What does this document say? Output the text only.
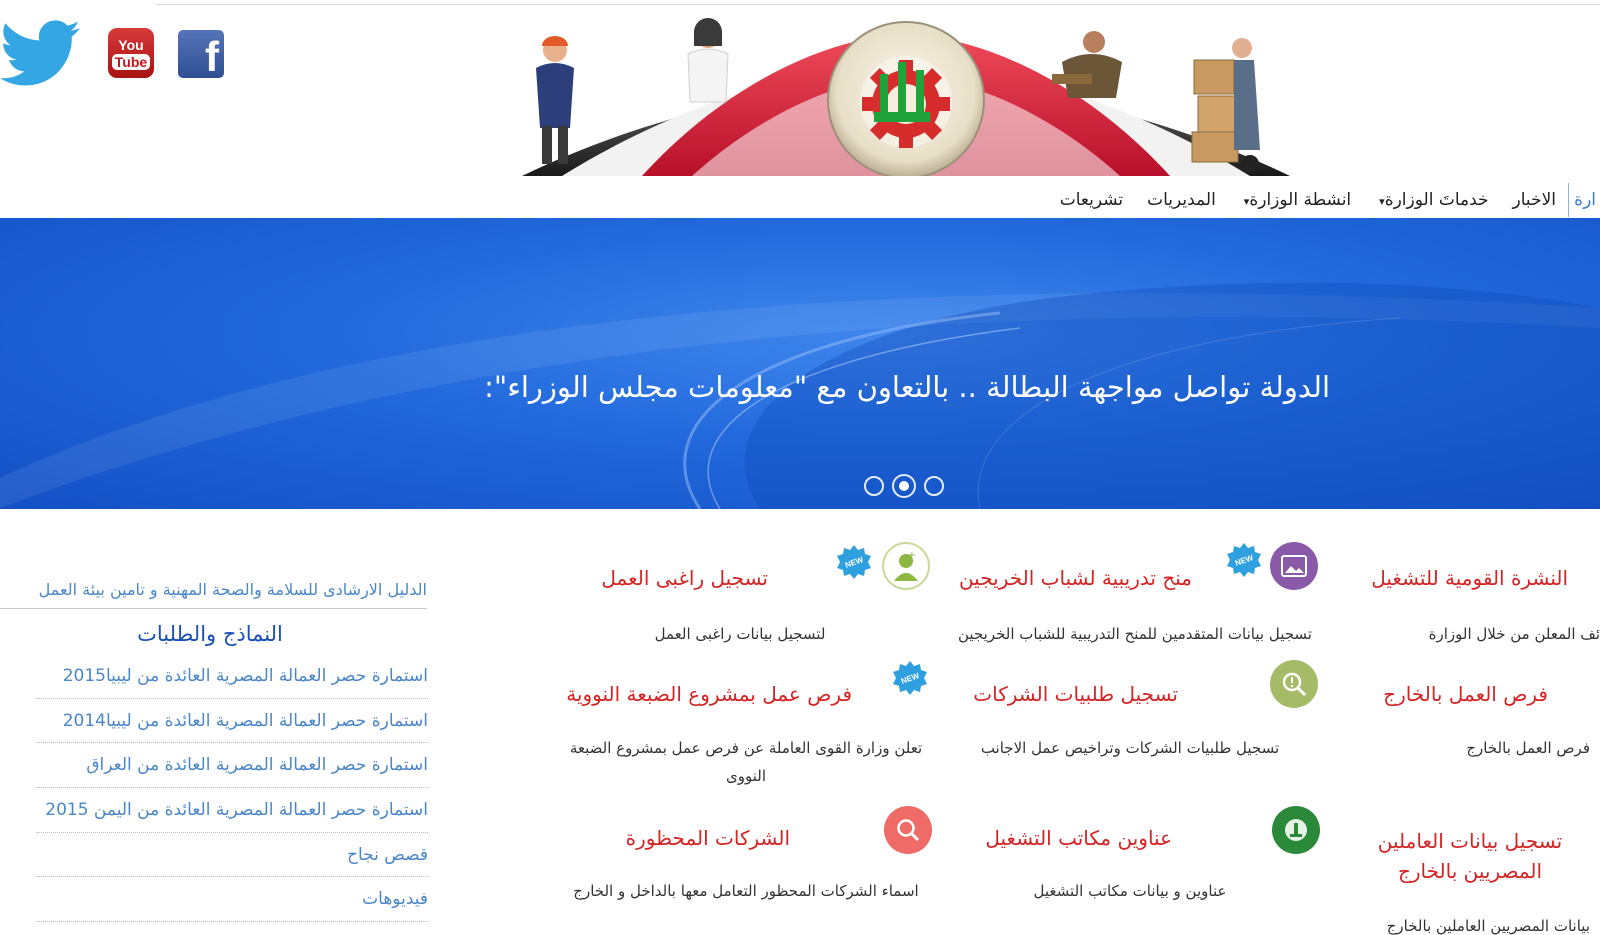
You
Tube f
ارة
الاخبار
خدماتَ الوزارة▾
انشطة الوزارة▾
المديريات
تشريعات
الدولة تواصل مواجهة البطالة .. بالتعاون مع "معلومات مجلس الوزراء":
الدليل الارشادى للسلامة والصحة المهنية و تامين بيئة العمل
النماذج والطلبات
استمارة حصر العمالة المصرية العائدة من ليبيا2015
استمارة حصر العمالة المصرية العائدة من ليبيا2014
استمارة حصر العمالة المصرية العائدة من العراق
استمارة حصر العمالة المصرية العائدة من اليمن 2015
قصص نجاح
فيديوهات
النشرة القومية للتشغيل
ئف المعلن من خلال الوزارة
فرص العمل بالخارج
فرص العمل بالخارج
تسجيل بيانات العاملين المصريين بالخارج
بيانات المصريين العاملين بالخارج
NEW
منح تدريبية لشباب الخريجين
تسجيل بيانات المتقدمين للمنح التدريبية للشباب الخريجين
تسجيل طلبيات الشركات
تسجيل طلبيات الشركات وتراخيص عمل الاجانب
عناوين مكاتب التشغيل
عناوين و بيانات مكاتب التشغيل
+
NEW
تسجيل راغبى العمل
لتسجيل بيانات راغبى العمل
NEW
فرص عمل بمشروع الضبعة النووية
تعلن وزارة القوى العاملة عن فرص عمل بمشروع الضبعة النووى
الشركات المحظورة
اسماء الشركات المحظور التعامل معها بالداخل و الخارج
